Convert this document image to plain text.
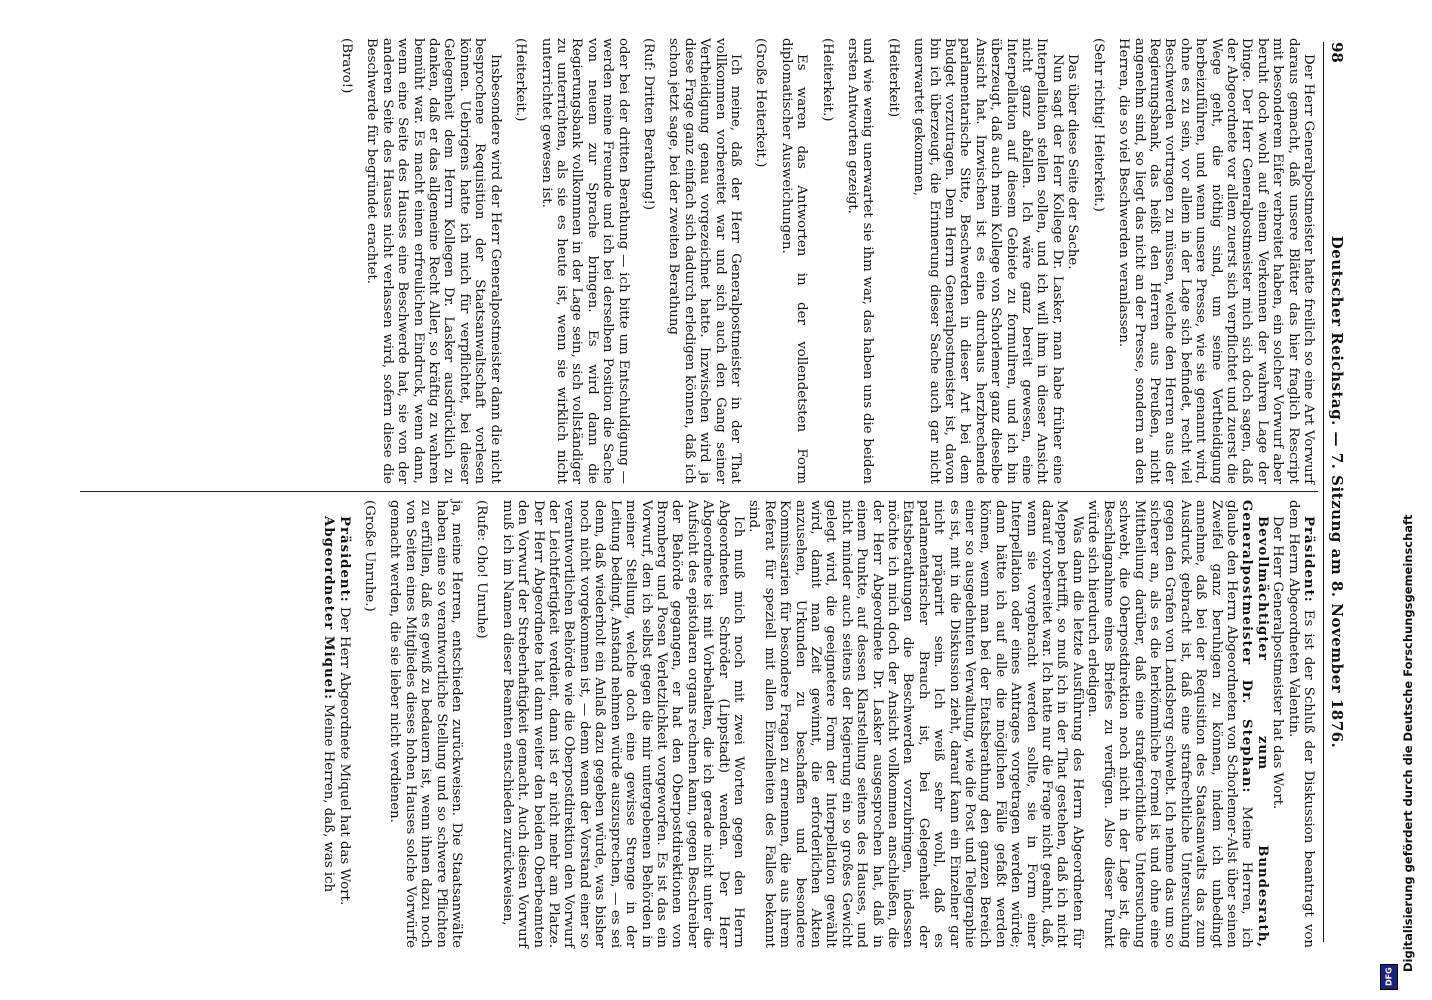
98
Deutscher Reichstag. — 7. Sitzung am 8. November 1876.

Der Herr Generalpostmeister hatte freilich so eine Art Vorwurf daraus gemacht, daß unsere Blätter das hier fraglich Rescript mit besonderem Eifer verbreitet haben, ein solcher Vorwurf aber beruht doch wohl auf einem Verkennen der wahren Lage der Dinge. Der Herr Generalpostmeister mich sich doch sagen, daß der Abgeordnete vor allem zuerst sich verpflichtet und zuerst die Wege geht, die nöthig sind, um seine Vertheidigung herbeizuführen, und wenn unsere Presse, wie sie genannt wird, ohne es zu sein, vor allem in der Lage sich befindet, recht viel Beschwerden vortragen zu müssen, welche den Herren aus der Regierungsbank, das heißt den Herren aus Preußen, nicht angenehm sind, so liegt das nicht an der Presse, sondern an den Herren, die so viel Beschwerden veranlassen.

(Sehr richtig! Heiterkeit.)

Das über diese Seite der Sache.

Nun sagt der Herr Kollege Dr. Lasker, man habe früher eine Interpellation stellen sollen, und ich will ihm in dieser Ansicht nicht ganz abfallen. Ich wäre ganz bereit gewesen, eine Interpellation auf diesem Gebiete zu formuliren, und ich bin überzeugt, daß auch mein Kollege von Schorlemer ganz dieselbe Ansicht hat. Inzwischen ist es eine durchaus herzbrechende parlamentarische Sitte, Beschwerden in dieser Art bei dem Budget vorzutragen. Dem Herrn Generalpostmeister ist, davon bin ich überzeugt, die Erinnerung dieser Sache auch gar nicht unerwartet gekommen,

(Heiterkeit)

und wie wenig unerwartet sie ihm war, das haben uns die beiden ersten Antworten gezeigt.

(Heiterkeit.)

Es waren das Antworten in der vollendetsten Form diplomatischer Ausweichungen.

(Große Heiterkeit.)

Ich meine, daß der Herr Generalpostmeister in der That vollkommen vorbereitet war und sich auch den Gang seiner Vertheidigung genau vorgezeichnet hatte. Inzwischen wird ja diese Frage ganz einfach sich dadurch erledigen können, daß ich schon jetzt sage, bei der zweiten Berathung

(Ruf: Dritten Berathung!)

oder bei der dritten Berathung — ich bitte um Entschuldigung — werden meine Freunde und ich bei derselben Position die Sache von neuem zur Sprache bringen. Es wird dann die Regierungsbank vollkommen in der Lage sein, sich vollständiger zu unterrichten, als sie es heute ist, wenn sie wirklich nicht unterrichtet gewesen ist.

(Heiterkeit.)

Insbesondere wird der Herr Generalpostmeister dann die nicht besprochene Requisition der Staatsanwaltschaft vorlesen können. Uebrigens hatte ich mich für verpflichtet, bei dieser Gelegenheit dem Herrn Kollegen Dr. Lasker ausdrücklich zu danken, daß er das allgemeine Recht Aller, so kräftig zu wahren bemüht war. Es macht einen erfreulichen Eindruck, wenn dann, wenn eine Seite des Hauses eine Beschwerde hat, sie von der anderen Seite des Hauses nicht verlassen wird, sofern diese die Beschwerde für begründet erachtet.

(Bravo!)

Präsident: Es ist der Schluß der Diskussion beantragt von dem Herrn Abgeordneten Valentin.

Der Herr Generalpostmeister hat das Wort.

Bevollmächtigter zum Bundesrath, Generalpostmeister Dr. Stephan: Meine Herren, ich glaube den Herrn Abgeordneten von Schorlemer-Alst über seinen Zweifel ganz beruhigen zu können, indem ich unbedingt annehme, daß bei der Requisition des Staatsanwalts das zum Ausdruck gebracht ist, daß eine strafrechtliche Untersuchung gegen den Grafen von Landsberg schwebt. Ich nehme das um so sicherer an, als es die herkömmliche Formel ist und ohne eine Mittheilung darüber, daß eine strafgerichtliche Untersuchung schwebt, die Oberpostdirektion noch nicht in der Lage ist, die Beschlagnahme eines Briefes zu verfügen. Also dieser Punkt würde sich hierdurch erledigen.

Was dann die letzte Ausführung des Herrn Abgeordneten für Meppen betrifft, so muß ich in der That gestehen, daß ich nicht darauf vorbereitet war. Ich hatte nur die Frage nicht geahnt, daß, wenn sie vorgebracht werden sollte, sie in Form einer Interpellation oder eines Antrages vorgetragen werden würde; dann hätte ich auf alle die möglichen Fälle gefaßt werden können, wenn man bei der Etatsberathung den ganzen Bereich einer so ausgedehnten Verwaltung, wie die Post und Telegraphie es ist, mit in die Diskussion zieht, darauf kann ein Einzelner gar nicht präparirt sein. Ich weiß sehr wohl, daß es parlamentarischer Brauch ist, bei Gelegenheit der Etatsberathungen die Beschwerden vorzubringen, indessen möchte ich mich doch der Ansicht vollkommen anschließen, die der Herr Abgeordnete Dr. Lasker ausgesprochen hat, daß in einem Punkte, auf dessen Klarstellung seitens des Hauses, und nicht minder auch seitens der Regierung ein so großes Gewicht gelegt wird, die geeignetere Form der Interpellation gewählt wird, damit man Zeit gewinnt, die erforderlichen Akten anzusehen, Urkunden zu beschaffen und besondere Kommissarien für besondere Fragen zu ernennen, die aus ihrem Referat für speziell mit allen Einzelheiten des Falles bekannt sind.

Ich muß mich noch mit zwei Worten gegen den Herrn Abgeordneten Schröder (Lippstadt) wenden. Der Herr Abgeordnete ist mit Vorbehalten, die ich gerade nicht unter die Aufsicht des epistolaren organs rechnen kann, gegen Beschreiber der Behörde gegangen, er hat den Oberpostdirektionen von Bromberg und Posen Verletzlichkeit vorgeworfen. Es ist das ein Vorwurf, den ich selbst gegen die mir untergebenen Behörden in meiner Stellung, welche doch eine gewisse Strenge in der Leitung bedingt, Anstand nehmen würde auszusprechen, — es sei denn, daß wiederholt ein Anlaß dazu gegeben würde, was bisher noch nicht vorgekommen ist, — denn wenn der Vorstand einer so verantwortlichen Behörde wie die Oberpostdirektion den Vorwurf der Leichtfertigkeit verdient, dann ist er nicht mehr am Platze. Der Herr Abgeordnete hat dann weiter den beiden Oberbeamten den Vorwurf der Streberhaftigkeit gemacht. Auch diesen Vorwurf muß ich im Namen dieser Beamten entschieden zurückweisen,

(Rufe: Oho! Unruhe)

ja, meine Herren, entschieden zurückweisen. Die Staatsanwälte haben eine so verantwortliche Stellung und so schwere Pflichten zu erfüllen, daß es gewiß zu bedauern ist, wenn ihnen dazu noch von Seiten eines Mitgliedes dieses hohen Hauses solche Vorwürfe gemacht werden, die sie lieber nicht verdienen.

(Große Unruhe.)

Präsident: Der Herr Abgeordnete Miquel hat das Wort.

Abgeordneter Miquel: Meine Herren, daß, was ich	Digitalisierung gefördert durch die Deutsche Forschungsgemeinschaft
DFG
